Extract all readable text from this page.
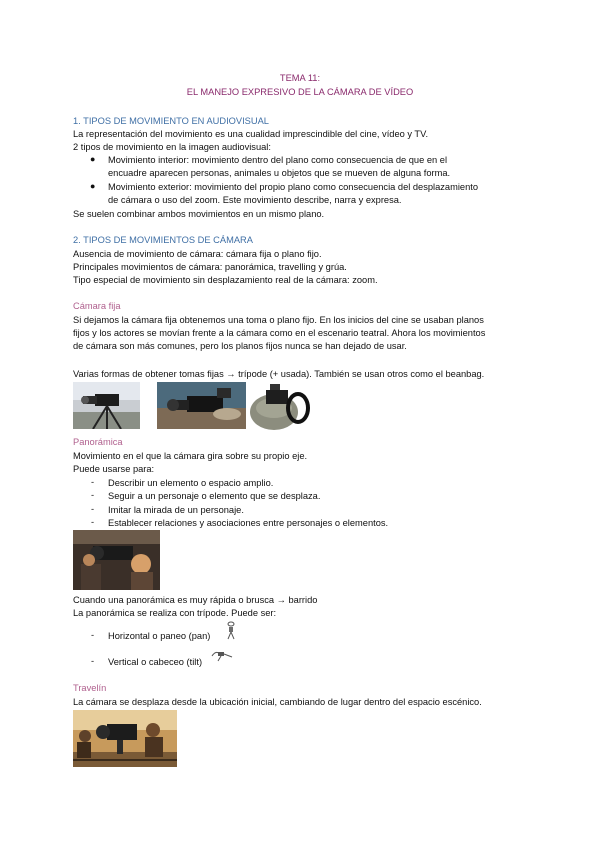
TEMA 11:
EL MANEJO EXPRESIVO DE LA CÁMARA DE VÍDEO
1. TIPOS DE MOVIMIENTO EN AUDIOVISUAL
La representación del movimiento es una cualidad imprescindible del cine, vídeo y TV.
2 tipos de movimiento en la imagen audiovisual:
● Movimiento interior: movimiento dentro del plano como consecuencia de que en el
encuadre aparecen personas, animales u objetos que se mueven de alguna forma.
● Movimiento exterior: movimiento del propio plano como consecuencia del desplazamiento
de cámara o uso del zoom. Este movimiento describe, narra y expresa.
Se suelen combinar ambos movimientos en un mismo plano.
2. TIPOS DE MOVIMIENTOS DE CÁMARA
Ausencia de movimiento de cámara: cámara fija o plano fijo.
Principales movimientos de cámara: panorámica, travelling y grúa.
Tipo especial de movimiento sin desplazamiento real de la cámara: zoom.
Cámara fija
Si dejamos la cámara fija obtenemos una toma o plano fijo. En los inicios del cine se usaban planos
fijos y los actores se movían frente a la cámara como en el escenario teatral. Ahora los movimientos
de cámara son más comunes, pero los planos fijos nunca se han dejado de usar.
Varias formas de obtener tomas fijas → trípode (+ usada). También se usan otros como el beanbag.
Panorámica
Movimiento en el que la cámara gira sobre su propio eje.
Puede usarse para:
- Describir un elemento o espacio amplio.
- Seguir a un personaje o elemento que se desplaza.
- Imitar la mirada de un personaje.
- Establecer relaciones y asociaciones entre personajes o elementos.
Cuando una panorámica es muy rápida o brusca → barrido
La panorámica se realiza con trípode. Puede ser:
- Horizontal o paneo (pan)
- Vertical o cabeceo (tilt)
Travelín
La cámara se desplaza desde la ubicación inicial, cambiando de lugar dentro del espacio escénico.
